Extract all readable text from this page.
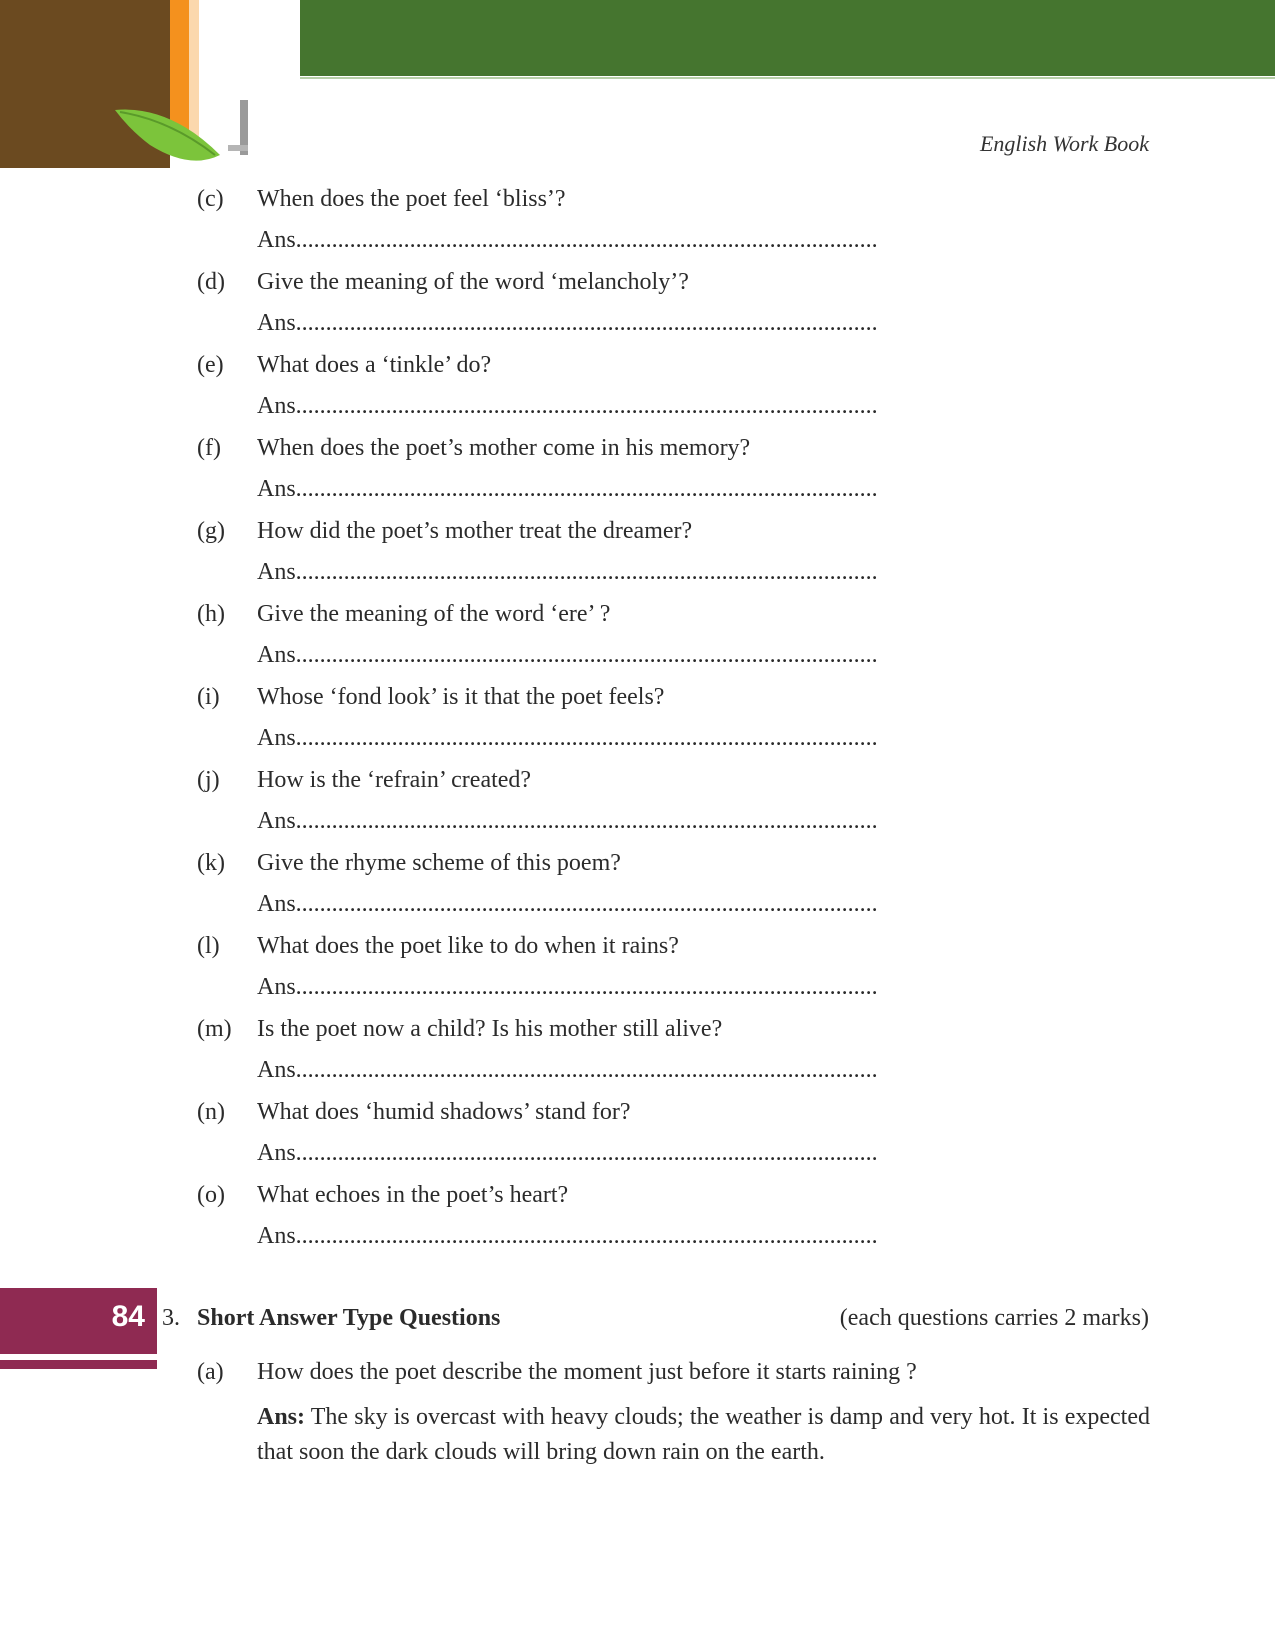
English Work Book
(c) When does the poet feel ‘bliss’?
Ans.................................................................................................
(d) Give the meaning of the word ‘melancholy’?
Ans.................................................................................................
(e) What does a ‘tinkle’ do?
Ans.................................................................................................
(f) When does the poet’s mother come in his memory?
Ans.................................................................................................
(g) How did the poet’s mother treat the dreamer?
Ans.................................................................................................
(h) Give the meaning of the word ‘ere’ ?
Ans.................................................................................................
(i) Whose ‘fond look’ is it that the poet feels?
Ans.................................................................................................
(j) How is the ‘refrain’ created?
Ans.................................................................................................
(k) Give the rhyme scheme of this poem?
Ans.................................................................................................
(l) What does the poet like to do when it rains?
Ans.................................................................................................
(m) Is the poet now a child? Is his mother still alive?
Ans.................................................................................................
(n) What does ‘humid shadows’ stand for?
Ans.................................................................................................
(o) What echoes in the poet’s heart?
Ans.................................................................................................
84 3. Short Answer Type Questions	(each questions carries 2 marks)
(a) How does the poet describe the moment just before it starts raining ?
Ans: The sky is overcast with heavy clouds; the weather is damp and very hot. It is expected that soon the dark clouds will bring down rain on the earth.
